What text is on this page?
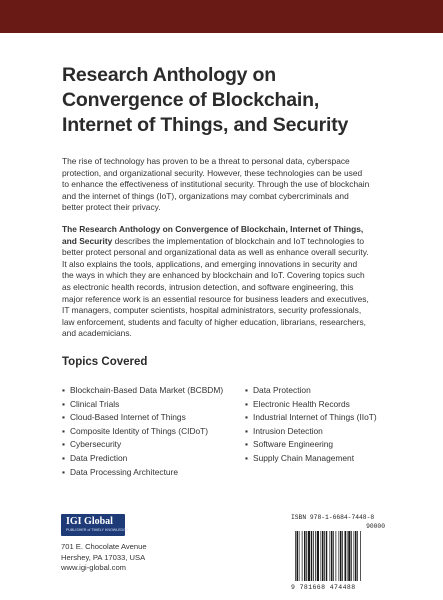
Research Anthology on
Convergence of Blockchain,
Internet of Things, and Security

The rise of technology has proven to be a threat to personal data, cyberspace
protection, and organizational security. However, these technologies can be used
to enhance the effectiveness of institutional security. Through the use of blockchain
and the internet of things (IoT), organizations may combat cybercriminals and
better protect their privacy.

The Research Anthology on Convergence of Blockchain, Internet of Things,
and Security describes the implementation of blockchain and IoT technologies to
better protect personal and organizational data as well as enhance overall security.
It also explains the tools, applications, and emerging innovations in security and
the ways in which they are enhanced by blockchain and IoT. Covering topics such
as electronic health records, intrusion detection, and software engineering, this
major reference work is an essential resource for business leaders and executives,
IT managers, computer scientists, hospital administrators, security professionals,
law enforcement, students and faculty of higher education, librarians, researchers,
and academicians.

Topics Covered
▪ Blockchain-Based Data Market (BCBDM)
▪ Clinical Trials
▪ Cloud-Based Internet of Things
▪ Composite Identity of Things (CIDoT)
▪ Cybersecurity
▪ Data Prediction
▪ Data Processing Architecture
▪ Data Protection
▪ Electronic Health Records
▪ Industrial Internet of Things (IIoT)
▪ Intrusion Detection
▪ Software Engineering
▪ Supply Chain Management
IGI Global
PUBLISHER of TIMELY KNOWLEDGE
701 E. Chocolate Avenue
Hershey, PA 17033, USA
www.igi-global.com
ISBN 978-1-6684-7448-8
90000
9 781668 474488
